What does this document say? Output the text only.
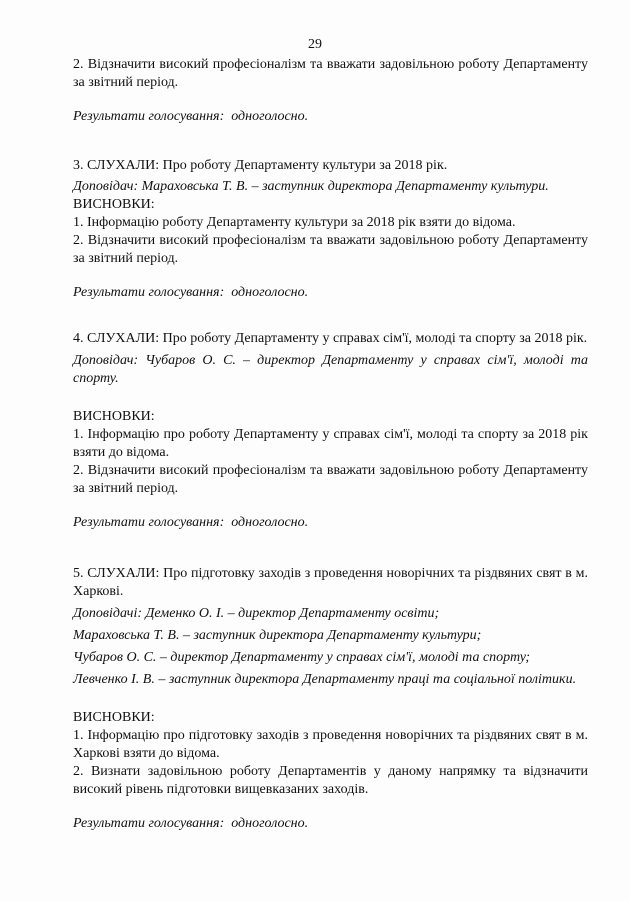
29

2. Відзначити високий професіоналізм та вважати задовільною роботу Департаменту за звітний період.

Результати голосування: одноголосно.

3. СЛУХАЛИ: Про роботу Департаменту культури за 2018 рік.

Доповідач: Мараховська Т. В. – заступник директора Департаменту культури.

ВИСНОВКИ:

1. Інформацію роботу Департаменту культури за 2018 рік взяти до відома.

2. Відзначити високий професіоналізм та вважати задовільною роботу Департаменту за звітний період.

Результати голосування: одноголосно.

4. СЛУХАЛИ: Про роботу Департаменту у справах сім'ї, молоді та спорту за 2018 рік.

Доповідач: Чубаров О. С. – директор Департаменту у справах сім'ї, молоді та спорту.

ВИСНОВКИ:

1. Інформацію про роботу Департаменту у справах сім'ї, молоді та спорту за 2018 рік взяти до відома.

2. Відзначити високий професіоналізм та вважати задовільною роботу Департаменту за звітний період.

Результати голосування: одноголосно.

5. СЛУХАЛИ: Про підготовку заходів з проведення новорічних та різдвяних свят в м. Харкові.

Доповідачі: Деменко О. І. – директор Департаменту освіти;

Мараховська Т. В. – заступник директора Департаменту культури;

Чубаров О. С. – директор Департаменту у справах сім'ї, молоді та спорту;

Левченко І. В. – заступник директора Департаменту праці та соціальної політики.

ВИСНОВКИ:

1. Інформацію про підготовку заходів з проведення новорічних та різдвяних свят в м. Харкові взяти до відома.

2. Визнати задовільною роботу Департаментів у даному напрямку та відзначити високий рівень підготовки вищевказаних заходів.

Результати голосування: одноголосно.
